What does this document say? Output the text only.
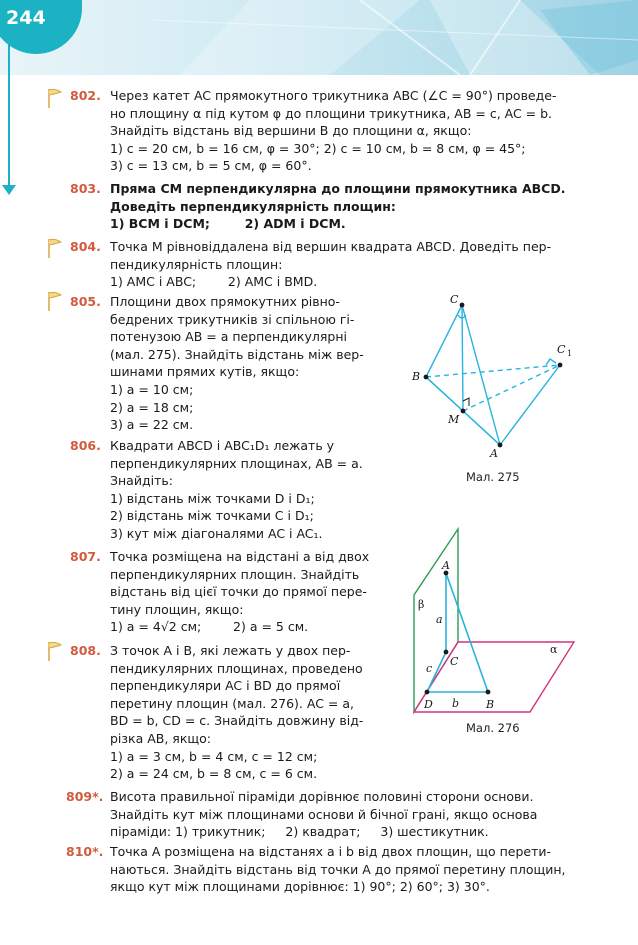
244
802. Через катет AC прямокутного трикутника ABC (∠C = 90°) проведе-

но площину α під кутом φ до площини трикутника, AB = c, AC = b.

Знайдіть відстань від вершини B до площини α, якщо:

1) c = 20 см, b = 16 см, φ = 30°; 2) c = 10 см, b = 8 см, φ = 45°;

3) c = 13 см, b = 5 см, φ = 60°.

803. Пряма CM перпендикулярна до площини прямокутника ABCD.

Доведіть перпендикулярність площин:

1) BCM і DCM;        2) ADM і DCM.

804. Точка M рівновіддалена від вершин квадрата ABCD. Доведіть пер-

пендикулярність площин:

1) AMC і ABC;        2) AMC і BMD.

805. Площини двох прямокутних рівно-

бедрених трикутників зі спільною гі-

потенузою AB = a перпендикулярні

(мал. 275). Знайдіть відстань між вер-

шинами прямих кутів, якщо:

1) a = 10 см;

2) a = 18 см;

3) a = 22 см.

806. Квадрати ABCD і ABC₁D₁ лежать у

перпендикулярних площинах, AB = a.

Знайдіть:

1) відстань між точками D і D₁;

2) відстань між точками C і D₁;

3) кут між діагоналями AC і AC₁.

807. Точка розміщена на відстані a від двох

перпендикулярних площин. Знайдіть

відстань від цієї точки до прямої пере-

тину площин, якщо:

1) a = 4√2 см;        2) a = 5 см.

808. З точок A і B, які лежать у двох пер-

пендикулярних площинах, проведено

перпендикуляри AC і BD до прямої

перетину площин (мал. 276). AC = a,

BD = b, CD = c. Знайдіть довжину від-

різка AB, якщо:

1) a = 3 см, b = 4 см, c = 12 см;

2) a = 24 см, b = 8 см, c = 6 см.

809*. Висота правильної піраміди дорівнює половині сторони основи.

Знайдіть кут між площинами основи й бічної грані, якщо основа

піраміди: 1) трикутник;     2) квадрат;     3) шестикутник.

810*. Точка A розміщена на відстанях a і b від двох площин, що перети-

наються. Знайдіть відстань від точки A до прямої перетину площин,

якщо кут між площинами дорівнює: 1) 90°; 2) 60°; 3) 30°.

C
C 1
B
M
A
Мал. 275
A
a
β
α
c
C
D b B
Мал. 276
